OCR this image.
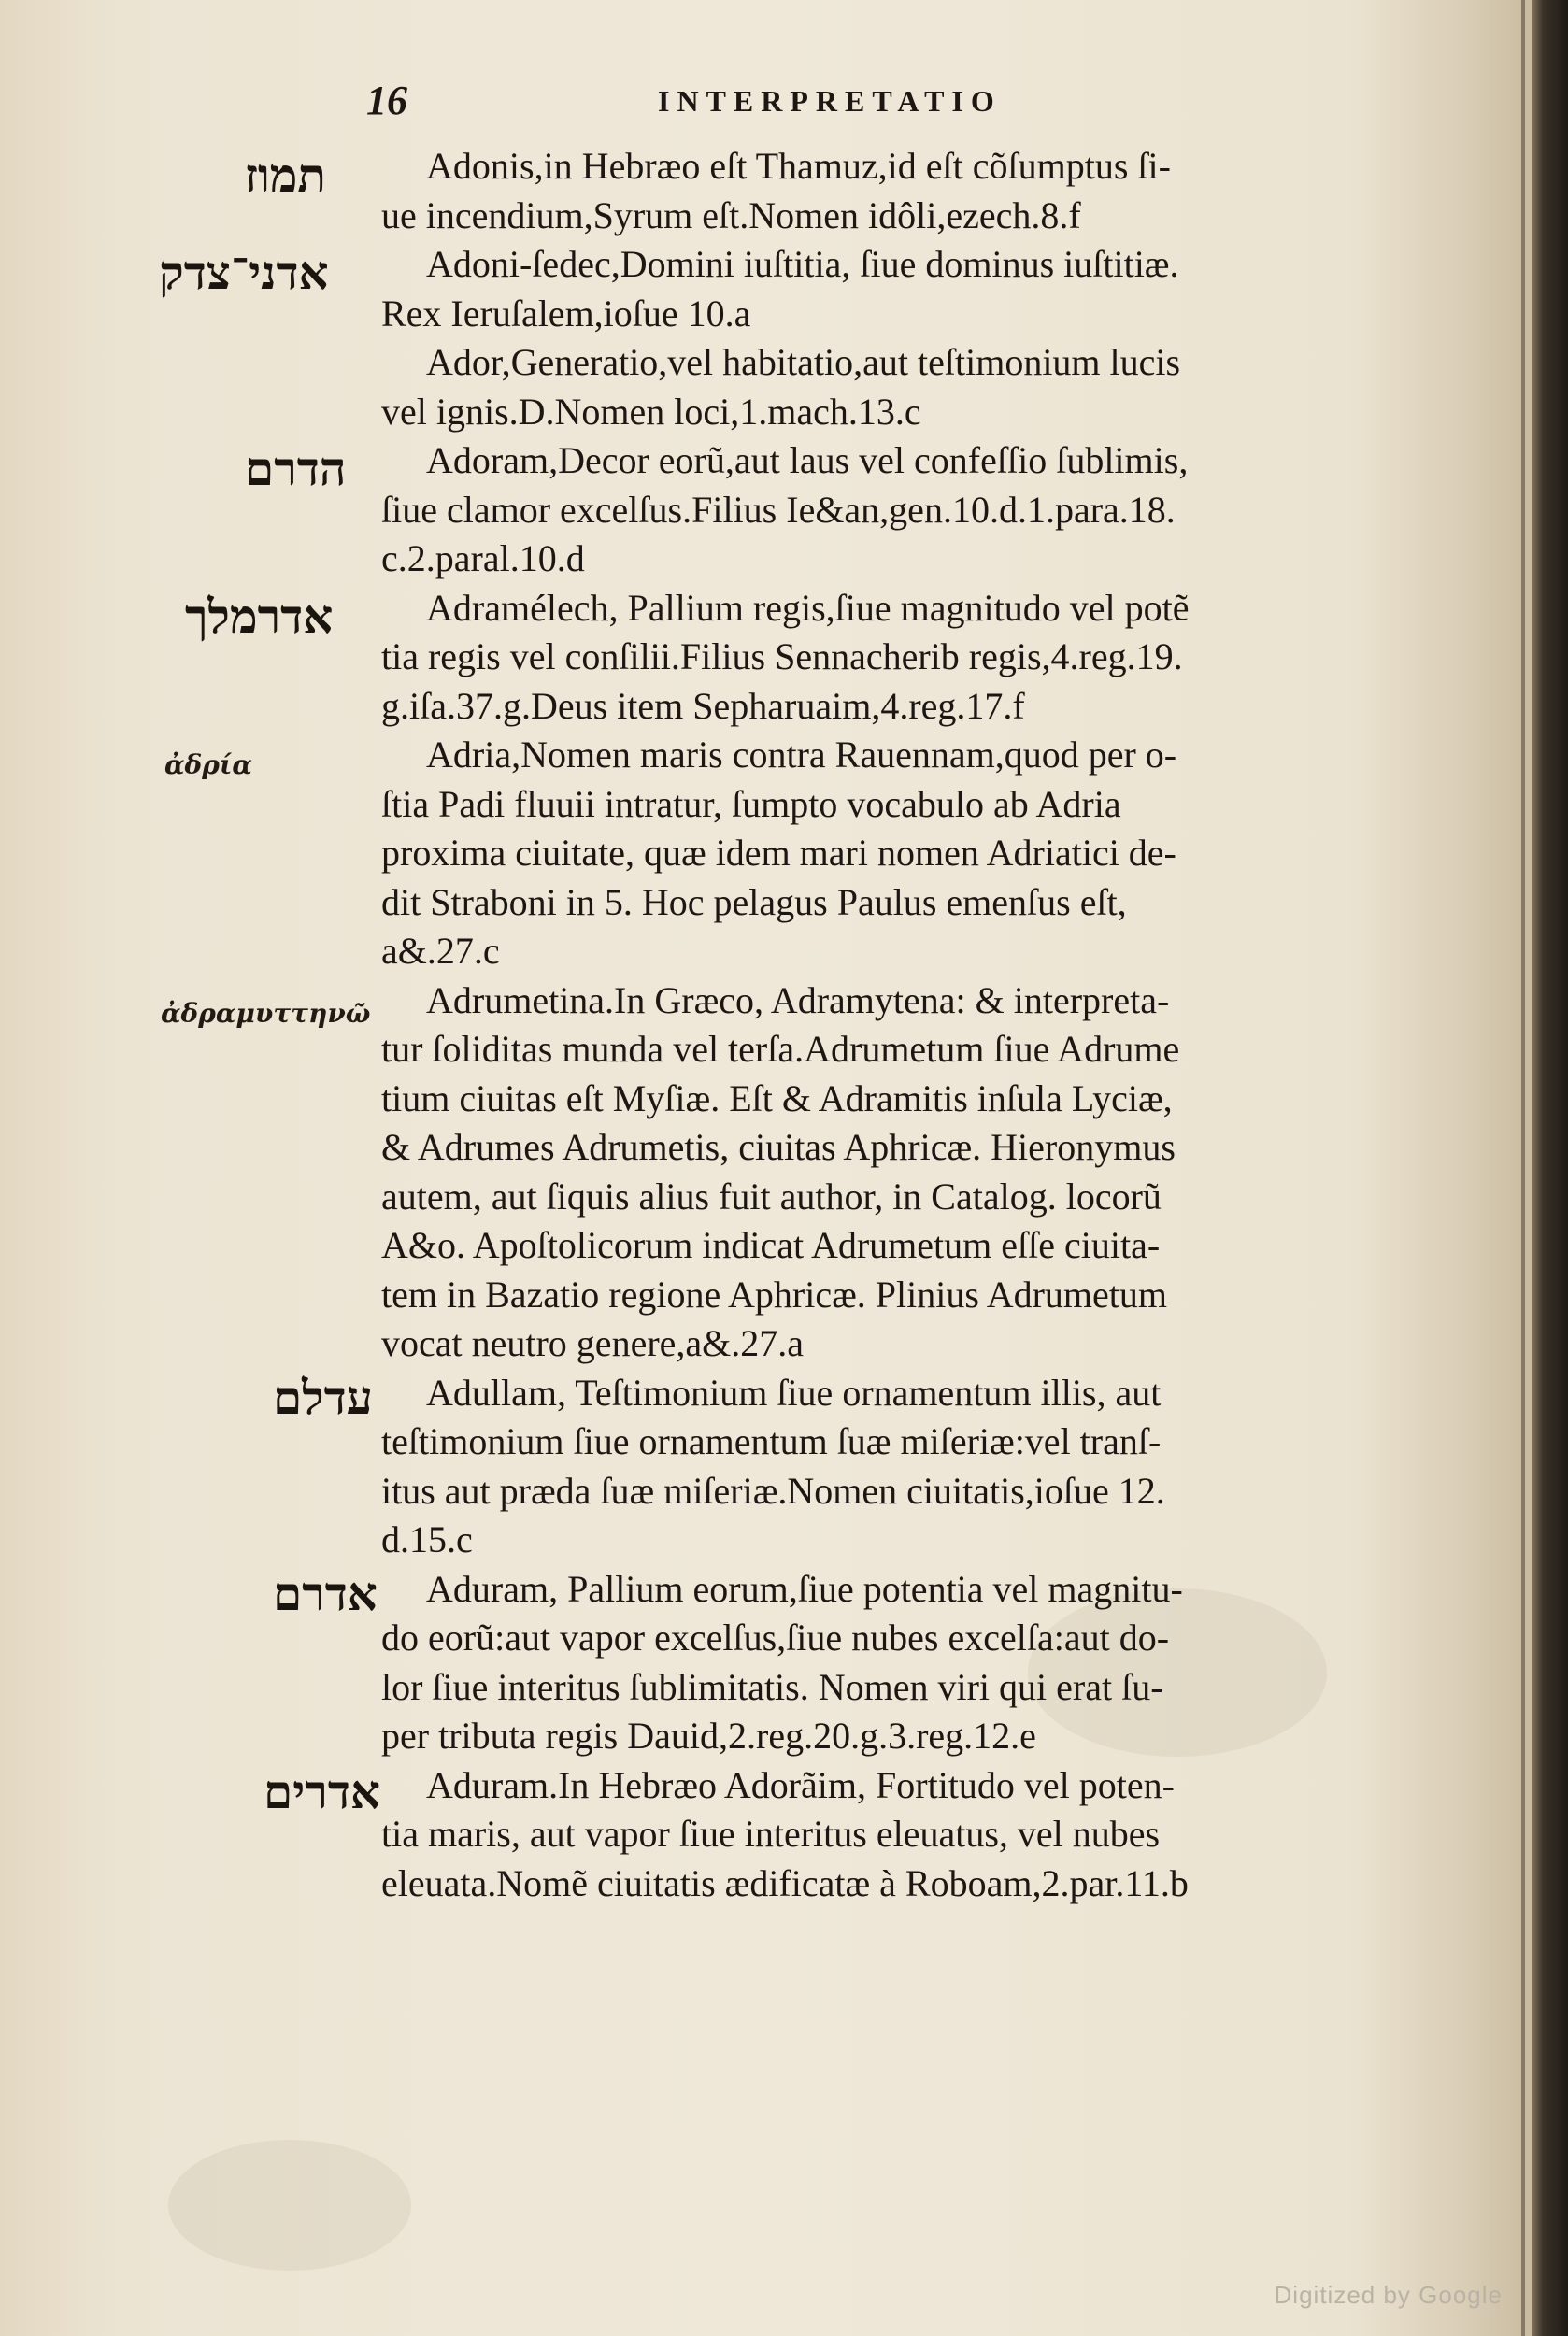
16	INTERPRETATIO
תמוז
אדני־צדק
הדרם
אדרמלך
ἀδρία
ἀδραμυττηνῶ
עדלם
אדרם
אדרים
Adonis,in Hebræo eſt Thamuz,id eſt cõſumptus ſi-
ue incendium,Syrum eſt.Nomen idôli,ezech.8.f
Adoni-ſedec,Domini iuſtitia, ſiue dominus iuſtitiæ.
Rex Ieruſalem,ioſue 10.a
Ador,Generatio,vel habitatio,aut teſtimonium lucis
vel ignis.D.Nomen loci,1.mach.13.c
Adoram,Decor eorũ,aut laus vel confeſſio ſublimis,
ſiue clamor excelſus.Filius Ie&an,gen.10.d.1.para.18.
c.2.paral.10.d
Adramélech, Pallium regis,ſiue magnitudo vel potẽ
tia regis vel conſilii.Filius Sennacherib regis,4.reg.19.
g.iſa.37.g.Deus item Sepharuaim,4.reg.17.f
Adria,Nomen maris contra Rauennam,quod per o-
ſtia Padi fluuii intratur, ſumpto vocabulo ab Adria
proxima ciuitate, quæ idem mari nomen Adriatici de-
dit Straboni in 5. Hoc pelagus Paulus emenſus eſt,
a&.27.c
Adrumetina.In Græco, Adramytena: & interpreta-
tur ſoliditas munda vel terſa.Adrumetum ſiue Adrume
tium ciuitas eſt Myſiæ. Eſt & Adramitis inſula Lyciæ,
& Adrumes Adrumetis, ciuitas Aphricæ. Hieronymus
autem, aut ſiquis alius fuit author, in Catalog. locorũ
A&o. Apoſtolicorum indicat Adrumetum eſſe ciuita-
tem in Bazatio regione Aphricæ. Plinius Adrumetum
vocat neutro genere,a&.27.a
Adullam, Teſtimonium ſiue ornamentum illis, aut
teſtimonium ſiue ornamentum ſuæ miſeriæ:vel tranſ-
itus aut præda ſuæ miſeriæ.Nomen ciuitatis,ioſue 12.
d.15.c
Aduram, Pallium eorum,ſiue potentia vel magnitu-
do eorũ:aut vapor excelſus,ſiue nubes excelſa:aut do-
lor ſiue interitus ſublimitatis. Nomen viri qui erat ſu-
per tributa regis Dauid,2.reg.20.g.3.reg.12.e
Aduram.In Hebræo Adorãim, Fortitudo vel poten-
tia maris, aut vapor ſiue interitus eleuatus, vel nubes
eleuata.Nomẽ ciuitatis ædificatæ à Roboam,2.par.11.b
Digitized by Google
